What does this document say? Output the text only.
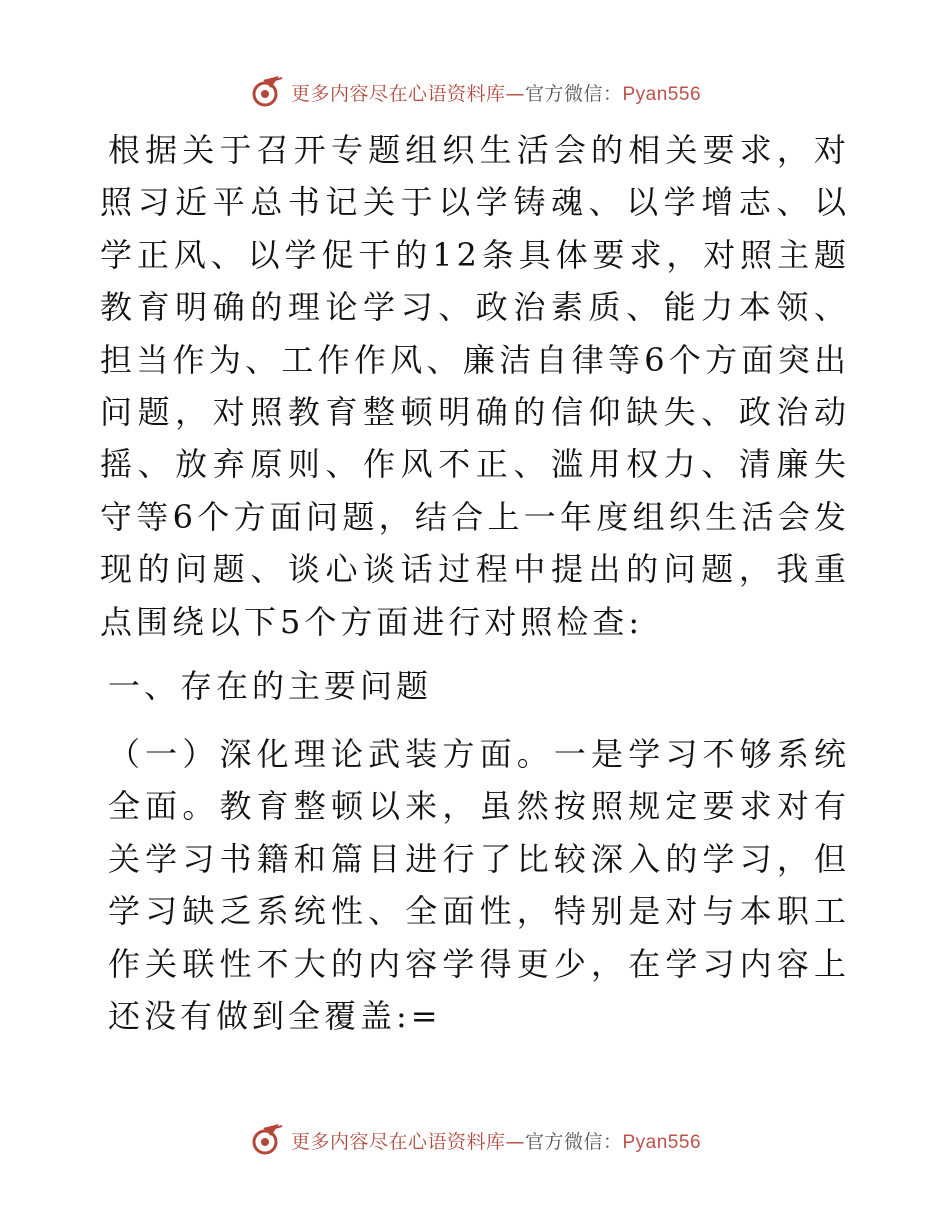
更多内容尽在心语资料库—官方微信：Pyan556

根据关于召开专题组织生活会的相关要求，对照习近平总书记关于以学铸魂、以学增志、以学正风、以学促干的12条具体要求，对照主题教育明确的理论学习、政治素质、能力本领、担当作为、工作作风、廉洁自律等6个方面突出问题，对照教育整顿明确的信仰缺失、政治动摇、放弃原则、作风不正、滥用权力、清廉失守等6个方面问题，结合上一年度组织生活会发现的问题、谈心谈话过程中提出的问题，我重点围绕以下5个方面进行对照检查:

一、存在的主要问题

（一）深化理论武装方面。一是学习不够系统全面。教育整顿以来，虽然按照规定要求对有关学习书籍和篇目进行了比较深入的学习，但学习缺乏系统性、全面性，特别是对与本职工作关联性不大的内容学得更少，在学习内容上还没有做到全覆盖:=

更多内容尽在心语资料库—官方微信：Pyan556
